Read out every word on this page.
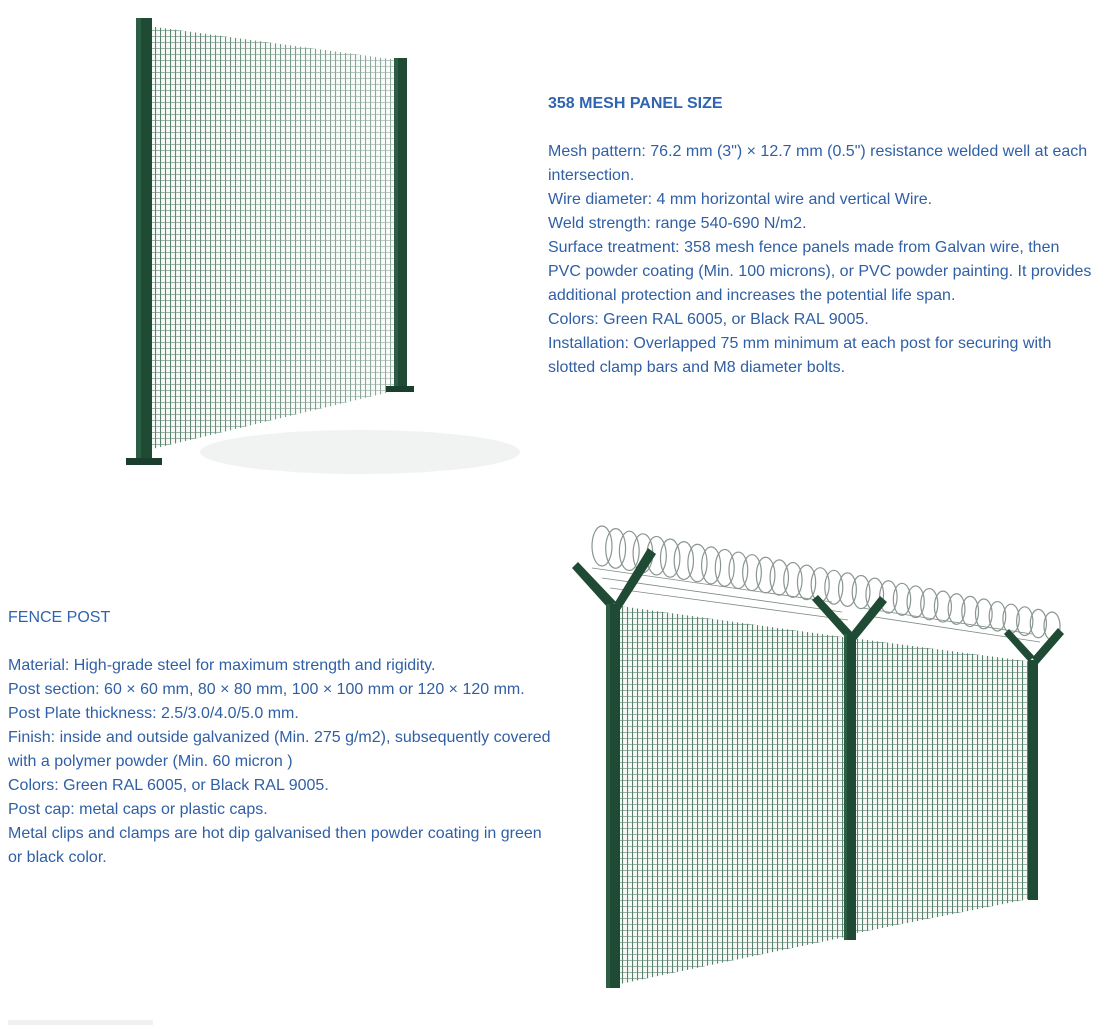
358 MESH PANEL SIZE

Mesh pattern: 76.2 mm (3") × 12.7 mm (0.5") resistance welded well at each intersection.

Wire diameter: 4 mm horizontal wire and vertical Wire.

Weld strength: range 540-690 N/m2.

Surface treatment: 358 mesh fence panels made from Galvan wire, then PVC powder coating (Min. 100 microns), or PVC powder painting. It provides additional protection and increases the potential life span.

Colors: Green RAL 6005, or Black RAL 9005.

Installation: Overlapped 75 mm minimum at each post for securing with slotted clamp bars and M8 diameter bolts.

FENCE POST

Material: High-grade steel for maximum strength and rigidity.

Post section: 60 × 60 mm, 80 × 80 mm, 100 × 100 mm or 120 × 120 mm.

Post Plate thickness: 2.5/3.0/4.0/5.0 mm.

Finish: inside and outside galvanized (Min. 275 g/m2), subsequently covered with a polymer powder (Min. 60 micron )

Colors: Green RAL 6005, or Black RAL 9005.

Post cap: metal caps or plastic caps.

Metal clips and clamps are hot dip galvanised then powder coating in green or black color.
